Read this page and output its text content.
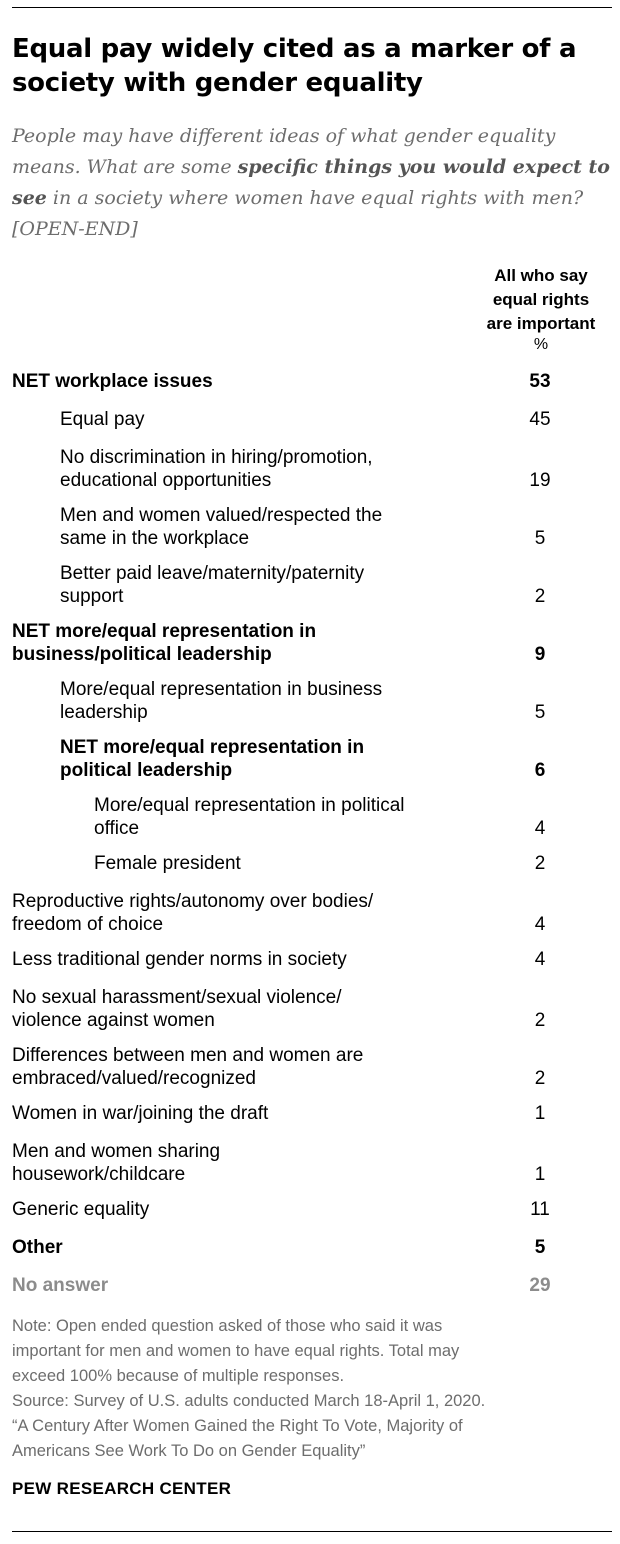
Equal pay widely cited as a marker of a society with gender equality

People may have different ideas of what gender equality means. What are some specific things you would expect to see in a society where women have equal rights with men? [OPEN-END]

All who say
equal rights
are important
%
NET workplace issues	53
Equal pay	45
No discrimination in hiring/promotion,
educational opportunities	19
Men and women valued/respected the
same in the workplace	5
Better paid leave/maternity/paternity
support	2
NET more/equal representation in
business/political leadership	9
More/equal representation in business
leadership	5
NET more/equal representation in
political leadership	6
More/equal representation in political
office	4
Female president	2
Reproductive rights/autonomy over bodies/
freedom of choice	4
Less traditional gender norms in society	4
No sexual harassment/sexual violence/
violence against women	2
Differences between men and women are
embraced/valued/recognized	2
Women in war/joining the draft	1
Men and women sharing
housework/childcare	1
Generic equality	11
Other	5
No answer	29
Note: Open ended question asked of those who said it was
important for men and women to have equal rights. Total may
exceed 100% because of multiple responses.
Source: Survey of U.S. adults conducted March 18-April 1, 2020.
“A Century After Women Gained the Right To Vote, Majority of
Americans See Work To Do on Gender Equality”
PEW RESEARCH CENTER
